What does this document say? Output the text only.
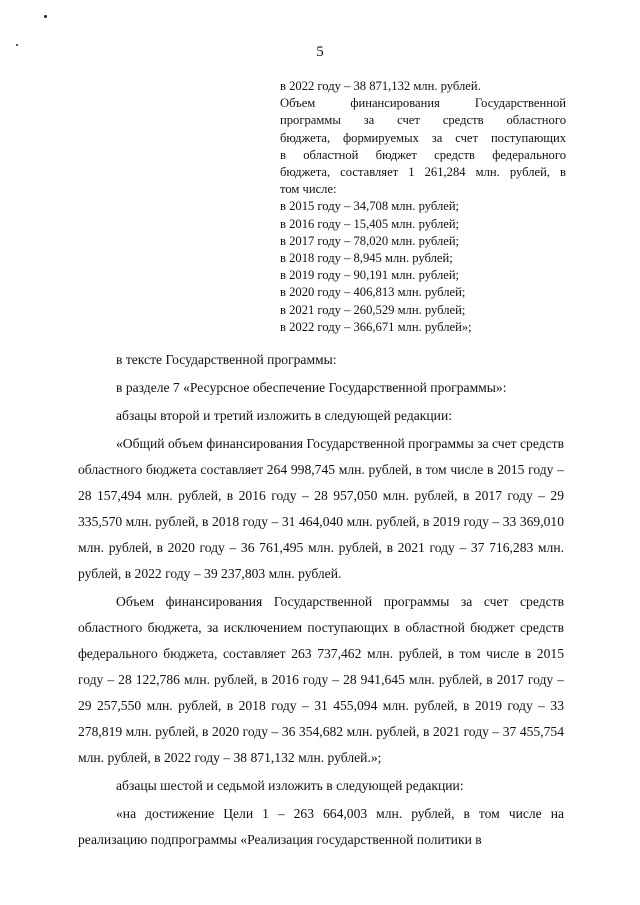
5
в 2022 году – 38 871,132 млн. рублей.
Объем финансирования Государственной
программы за счет средств областного
бюджета, формируемых за счет поступающих
в областной бюджет средств федерального
бюджета, составляет 1 261,284 млн. рублей, в
том числе:
в 2015 году – 34,708 млн. рублей;
в 2016 году – 15,405 млн. рублей;
в 2017 году – 78,020 млн. рублей;
в 2018 году – 8,945 млн. рублей;
в 2019 году – 90,191 млн. рублей;
в 2020 году – 406,813 млн. рублей;
в 2021 году – 260,529 млн. рублей;
в 2022 году – 366,671 млн. рублей»;
в тексте Государственной программы:
в разделе 7 «Ресурсное обеспечение Государственной программы»:
абзацы второй и третий изложить в следующей редакции:
«Общий объем финансирования Государственной программы за счет средств областного бюджета составляет 264 998,745 млн. рублей, в том числе в 2015 году – 28 157,494 млн. рублей, в 2016 году – 28 957,050 млн. рублей, в 2017 году – 29 335,570 млн. рублей, в 2018 году – 31 464,040 млн. рублей, в 2019 году – 33 369,010 млн. рублей, в 2020 году – 36 761,495 млн. рублей, в 2021 году – 37 716,283 млн. рублей, в 2022 году – 39 237,803 млн. рублей.
Объем финансирования Государственной программы за счет средств областного бюджета, за исключением поступающих в областной бюджет средств федерального бюджета, составляет 263 737,462 млн. рублей, в том числе в 2015 году – 28 122,786 млн. рублей, в 2016 году – 28 941,645 млн. рублей, в 2017 году – 29 257,550 млн. рублей, в 2018 году – 31 455,094 млн. рублей, в 2019 году – 33 278,819 млн. рублей, в 2020 году – 36 354,682 млн. рублей, в 2021 году – 37 455,754 млн. рублей, в 2022 году – 38 871,132 млн. рублей.»;
абзацы шестой и седьмой изложить в следующей редакции:
«на достижение Цели 1 – 263 664,003 млн. рублей, в том числе на реализацию подпрограммы «Реализация государственной политики в
